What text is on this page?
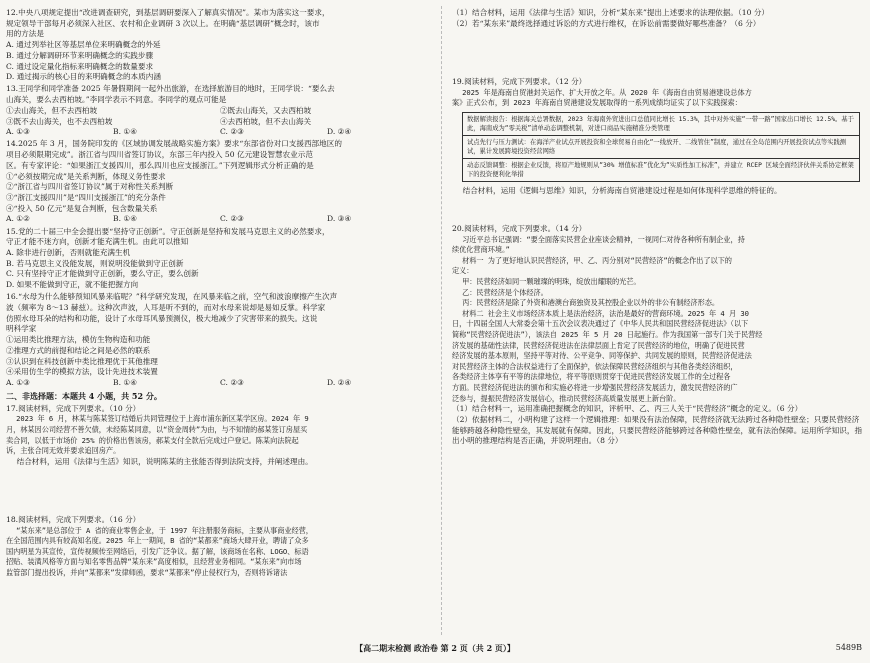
12.中央八项规定提出“改进调查研究，到基层调研要深入了解真实情况”。某市为落实这一要求，

规定领导干部每月必须深入社区、农村和企业调研 3 次以上。在明确“基层调研”概念时，该市

用的方法是

A. 通过列举社区等基层单位来明确概念的外延

B. 通过分解调研环节来明确概念的实践步骤

C. 通过设定量化指标来明确概念的数量要求

D. 通过揭示的核心目的来明确概念的本质内涵

13.王同学和同学准备 2025 年暑假期间一起外出旅游，在选择旅游目的地时，王同学说：“要么去

山海关，要么去西柏坡。”李同学表示不同意。李同学的观点可能是

①去山海关，但不去西柏坡	②既去山海关，又去西柏坡
③既不去山海关，也不去西柏坡	④去西柏坡，但不去山海关
A. ①③	B. ①④	C. ②③	D. ②④

14.2025 年 3 月，国务院印发的《区域协调发展战略实施方案》要求“东部省份对口支援西部地区的

项目必须限期完成”。浙江省与四川省签订协议，东部三年内投入 50 亿元建设智慧农业示范

区。有专家评论：“如果浙江支援四川，那么四川也应支援浙江。”下列逻辑形式分析正确的是

①“必须按期完成”是关系判断，体现义务性要求

②“浙江省与四川省签订协议”属于对称性关系判断

③“浙江支援四川”是“四川支援浙江”的充分条件

④“投入 50 亿元”是复合判断，包含数量关系

A. ①②	B. ①④	C. ②③	D. ③④

15.党的二十届三中全会提出要“坚持守正创新”。守正创新是坚持和发展马克思主义的必然要求，

守正才能不迷方向，创新才能充满生机。由此可以推知

A. 除非进行创新，否则就能充满生机

B. 若马克思主义没能发展，则说明没能做到守正创新

C. 只有坚持守正才能做到守正创新，要么守正，要么创新

D. 如果不能做到守正，就不能把握方向

16.“水母为什么能够预知风暴来临呢？”科学研究发现，在风暴来临之前，空气和波浪摩擦产生次声

波（频率为 8～13 赫兹）。这种次声波，人耳是听不到的，而对水母来说却是易如反掌。科学家

仿照水母耳朵的结构和功能，设计了水母耳风暴预测仪，极大地减少了灾害带来的损失。这说

明科学家

①运用类比推理方法，模仿生物构造和功能

②推理方式的前提和结论之间是必然的联系

③认识到在科技创新中类比推理优于其他推理

④采用仿生学的模拟方法，设计先进技术装置

A. ①③	B. ①④	C. ②③	D. ②④
二、非选择题：本题共 4 小题，共 52 分。

17.阅读材料，完成下列要求。（10 分）

2023 年 6 月，林某与陈某签订结婚后共同管理位于上海市浦东新区某学区房。2024 年 9

月，林某因公司经营不善欠债，未经陈某同意，以“资金周转”为由，与不知情的郝某签订房屋买

卖合同，以低于市场价 25% 的价格出售该房，郝某支付全款后完成过户登记。陈某向法院起

诉，主张合同无效并要求追回房产。

结合材料，运用《法律与生活》知识，说明陈某的主张能否得到法院支持，并阐述理由。

18.阅读材料，完成下列要求。（16 分）

“某东来”是总部位于 A 省的商业零售企业，于 1997 年注册服务商标，主要从事商业经营，

在全国范围内具有较高知名度。2025 年上一期间，B 省的“某都来”商场大肆开业，聘请了众多

国内明星为其宣传，宣传视频传至网络后，引发广泛争议。据了解，该商场在名称、LOGO、标语

招贴、装潢风格等方面与知名零售品牌“某东来”高度相似，且经营业务相同。“某东来”向市场

监管部门提出投诉，并向“某都来”发律师函，要求“某都来”停止侵权行为，否则将诉诸法

（1）结合材料，运用《法律与生活》知识，分析“某东来”提出上述要求的法理依据。（10 分）

（2）若“某东来”最终选择通过诉讼的方式进行维权，在诉讼前需要做好哪些准备？（6 分）

19.阅读材料，完成下列要求。（12 分）

2025 年是海南自贸港封关运作、扩大开放之年。从 2020 年《海南自由贸易港建设总体方

案》正式公布，到 2023 年海南自贸港建设发展取得的一系列成绩均证实了以下实践探索：

数据解读报告：根据海关总署数据，2023 年海南外贸进出口总值同比增长 15.3%，其中对外实施“一带一路”国家出口增长 12.5%。基于此，海南成为“零关税”清单动态调整机制，对进口商品实施精准分类管理
试点先行与压力测试：在海洋产业试点开展投资和全球贸易自由化“一线放开、二线管住”制度，通过在全岛范围内开展投资试点等实践测试，累计发展跨境投资经营网络
动态反馈调整：根据企业反馈，将原产地规则从“30% 增值标准”优化为“实质性加工标准”，并建立 RCEP 区域全面经济伙伴关系协定框架下的投资便利化举措

结合材料，运用《逻辑与思维》知识，分析海南自贸港建设过程是如何体现科学思维的特征的。

20.阅读材料，完成下列要求。（14 分）

习近平总书记强调：“要全面落实民营企业座谈会精神，一视同仁对待各种所有制企业，持

续优化营商环境。”

材料一 为了更好地认识民营经济，甲、乙、丙分别对“民营经济”的概念作出了以下的

定义：

甲：民营经济如同一颗璀璨的明珠，绽放出耀眼的光芒。

乙：民营经济是个体经济。

丙：民营经济是除了外资和港澳台商独资及其控股企业以外的非公有制经济形态。

材料二 社会主义市场经济本质上是法治经济，法治是最好的营商环境。2025 年 4 月 30

日，十四届全国人大常委会第十五次会议表决通过了《中华人民共和国民营经济促进法》（以下

简称“民营经济促进法”），该法自 2025 年 5 月 20 日起施行。作为我国第一部专门关于民营经

济发展的基础性法律，民营经济促进法在法律层面上肯定了民营经济的地位，明确了促进民营

经济发展的基本原则，坚持平等对待、公平竞争、同等保护、共同发展的原则，民营经济促进法

对民营经济主体的合法权益进行了全面保护，依法保障民营经济组织与其他各类经济组织，

各类经济主体享有平等的法律地位，将平等原则贯穿于促进民营经济发展工作的全过程各

方面。民营经济促进法的颁布和实施必将进一步增强民营经济发展活力，激发民营经济的广

泛参与，提振民营经济发展信心，推动民营经济高质量发展更上新台阶。

（1）结合材料一，运用准确把握概念的知识，评析甲、乙、丙三人关于“民营经济”概念的定义。（6 分）

（2）依据材料二，小明构建了这样一个逻辑推理：如果没有法治保障，民营经济就无法跨过各种隐性壁垒；只要民营经济能够跨越各种隐性壁垒，其发展就有保障。因此，只要民营经济能够跨过各种隐性壁垒，就有法治保障。运用所学知识，指出小明的推理结构是否正确，并说明理由。（8 分）

【高二期末检测 政治卷 第 2 页（共 2 页）】	5489B
